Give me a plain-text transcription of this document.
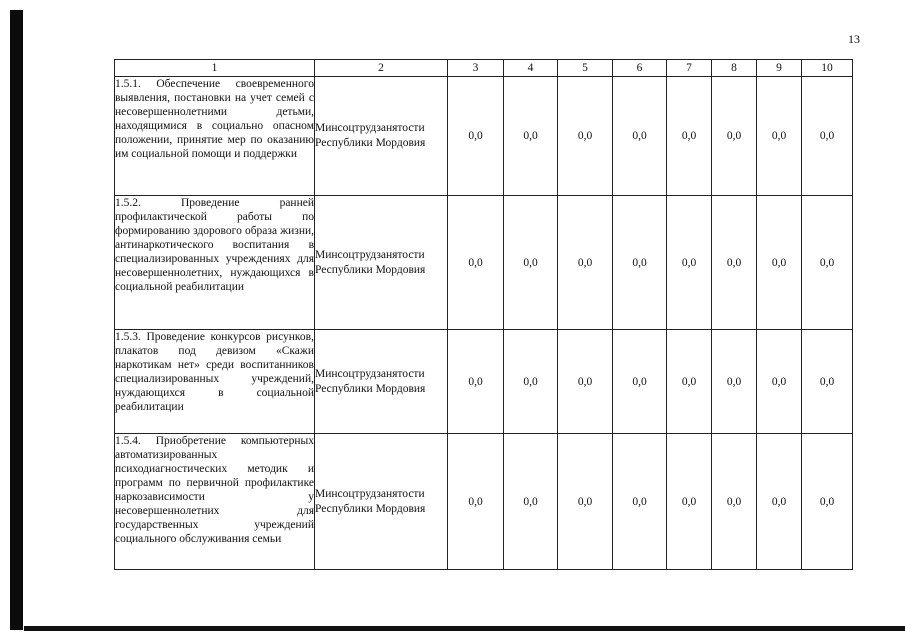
13
1	2	3	4	5	6	7	8	9	10
1.5.1. Обеспечение своевременного выявления, постановки на учет семей с несовершеннолетними детьми, находящимися в социально опасном положении, принятие мер по оказанию им социальной помощи и поддержки	Минсоцтрудзанятости Республики Мордовия	0,0	0,0	0,0	0,0	0,0	0,0	0,0	0,0
1.5.2. Проведение ранней профилактической работы по формированию здорового образа жизни, антинаркотического воспитания в специализированных учреждениях для несовершеннолетних, нуждающихся в социальной реабилитации	Минсоцтрудзанятости Республики Мордовия	0,0	0,0	0,0	0,0	0,0	0,0	0,0	0,0
1.5.3. Проведение конкурсов рисунков, плакатов под девизом «Скажи наркотикам нет» среди воспитанников специализированных учреждений, нуждающихся в социальной реабилитации	Минсоцтрудзанятости Республики Мордовия	0,0	0,0	0,0	0,0	0,0	0,0	0,0	0,0
1.5.4. Приобретение компьютерных автоматизированных психодиагностических методик и программ по первичной профилактике наркозависимости у несовершеннолетних для государственных учреждений социального обслуживания семьи	Минсоцтрудзанятости Республики Мордовия	0,0	0,0	0,0	0,0	0,0	0,0	0,0	0,0
